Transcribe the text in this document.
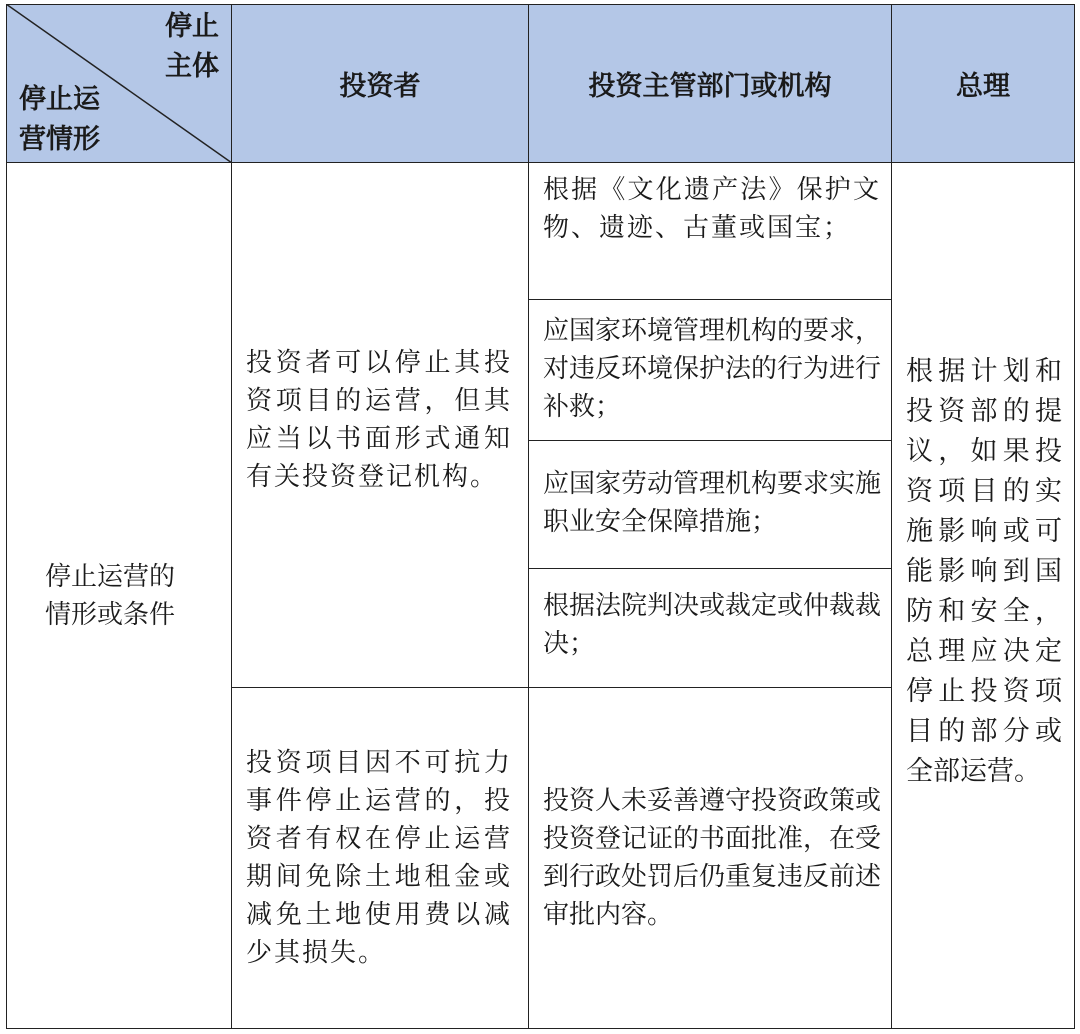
停止
主体
停止运
营情形
投资者	投资主管部门或机构	总理
停止运营的
情形或条件
投资者可以停止其投资项目的运营，但其应当以书面形式通知有关投资登记机构。
投资项目因不可抗力事件停止运营的，投资者有权在停止运营期间免除土地租金或减免土地使用费以减少其损失。
根据《文化遗产法》保护文物、遗迹、古董或国宝；
应国家环境管理机构的要求，对违反环境保护法的行为进行补救；
应国家劳动管理机构要求实施职业安全保障措施；
根据法院判决或裁定或仲裁裁决；
投资人未妥善遵守投资政策或投资登记证的书面批准，在受到行政处罚后仍重复违反前述审批内容。
根据计划和投资部的提议，如果投资项目的实施影响或可能影响到国防和安全，总理应决定停止投资项目的部分或全部运营。
